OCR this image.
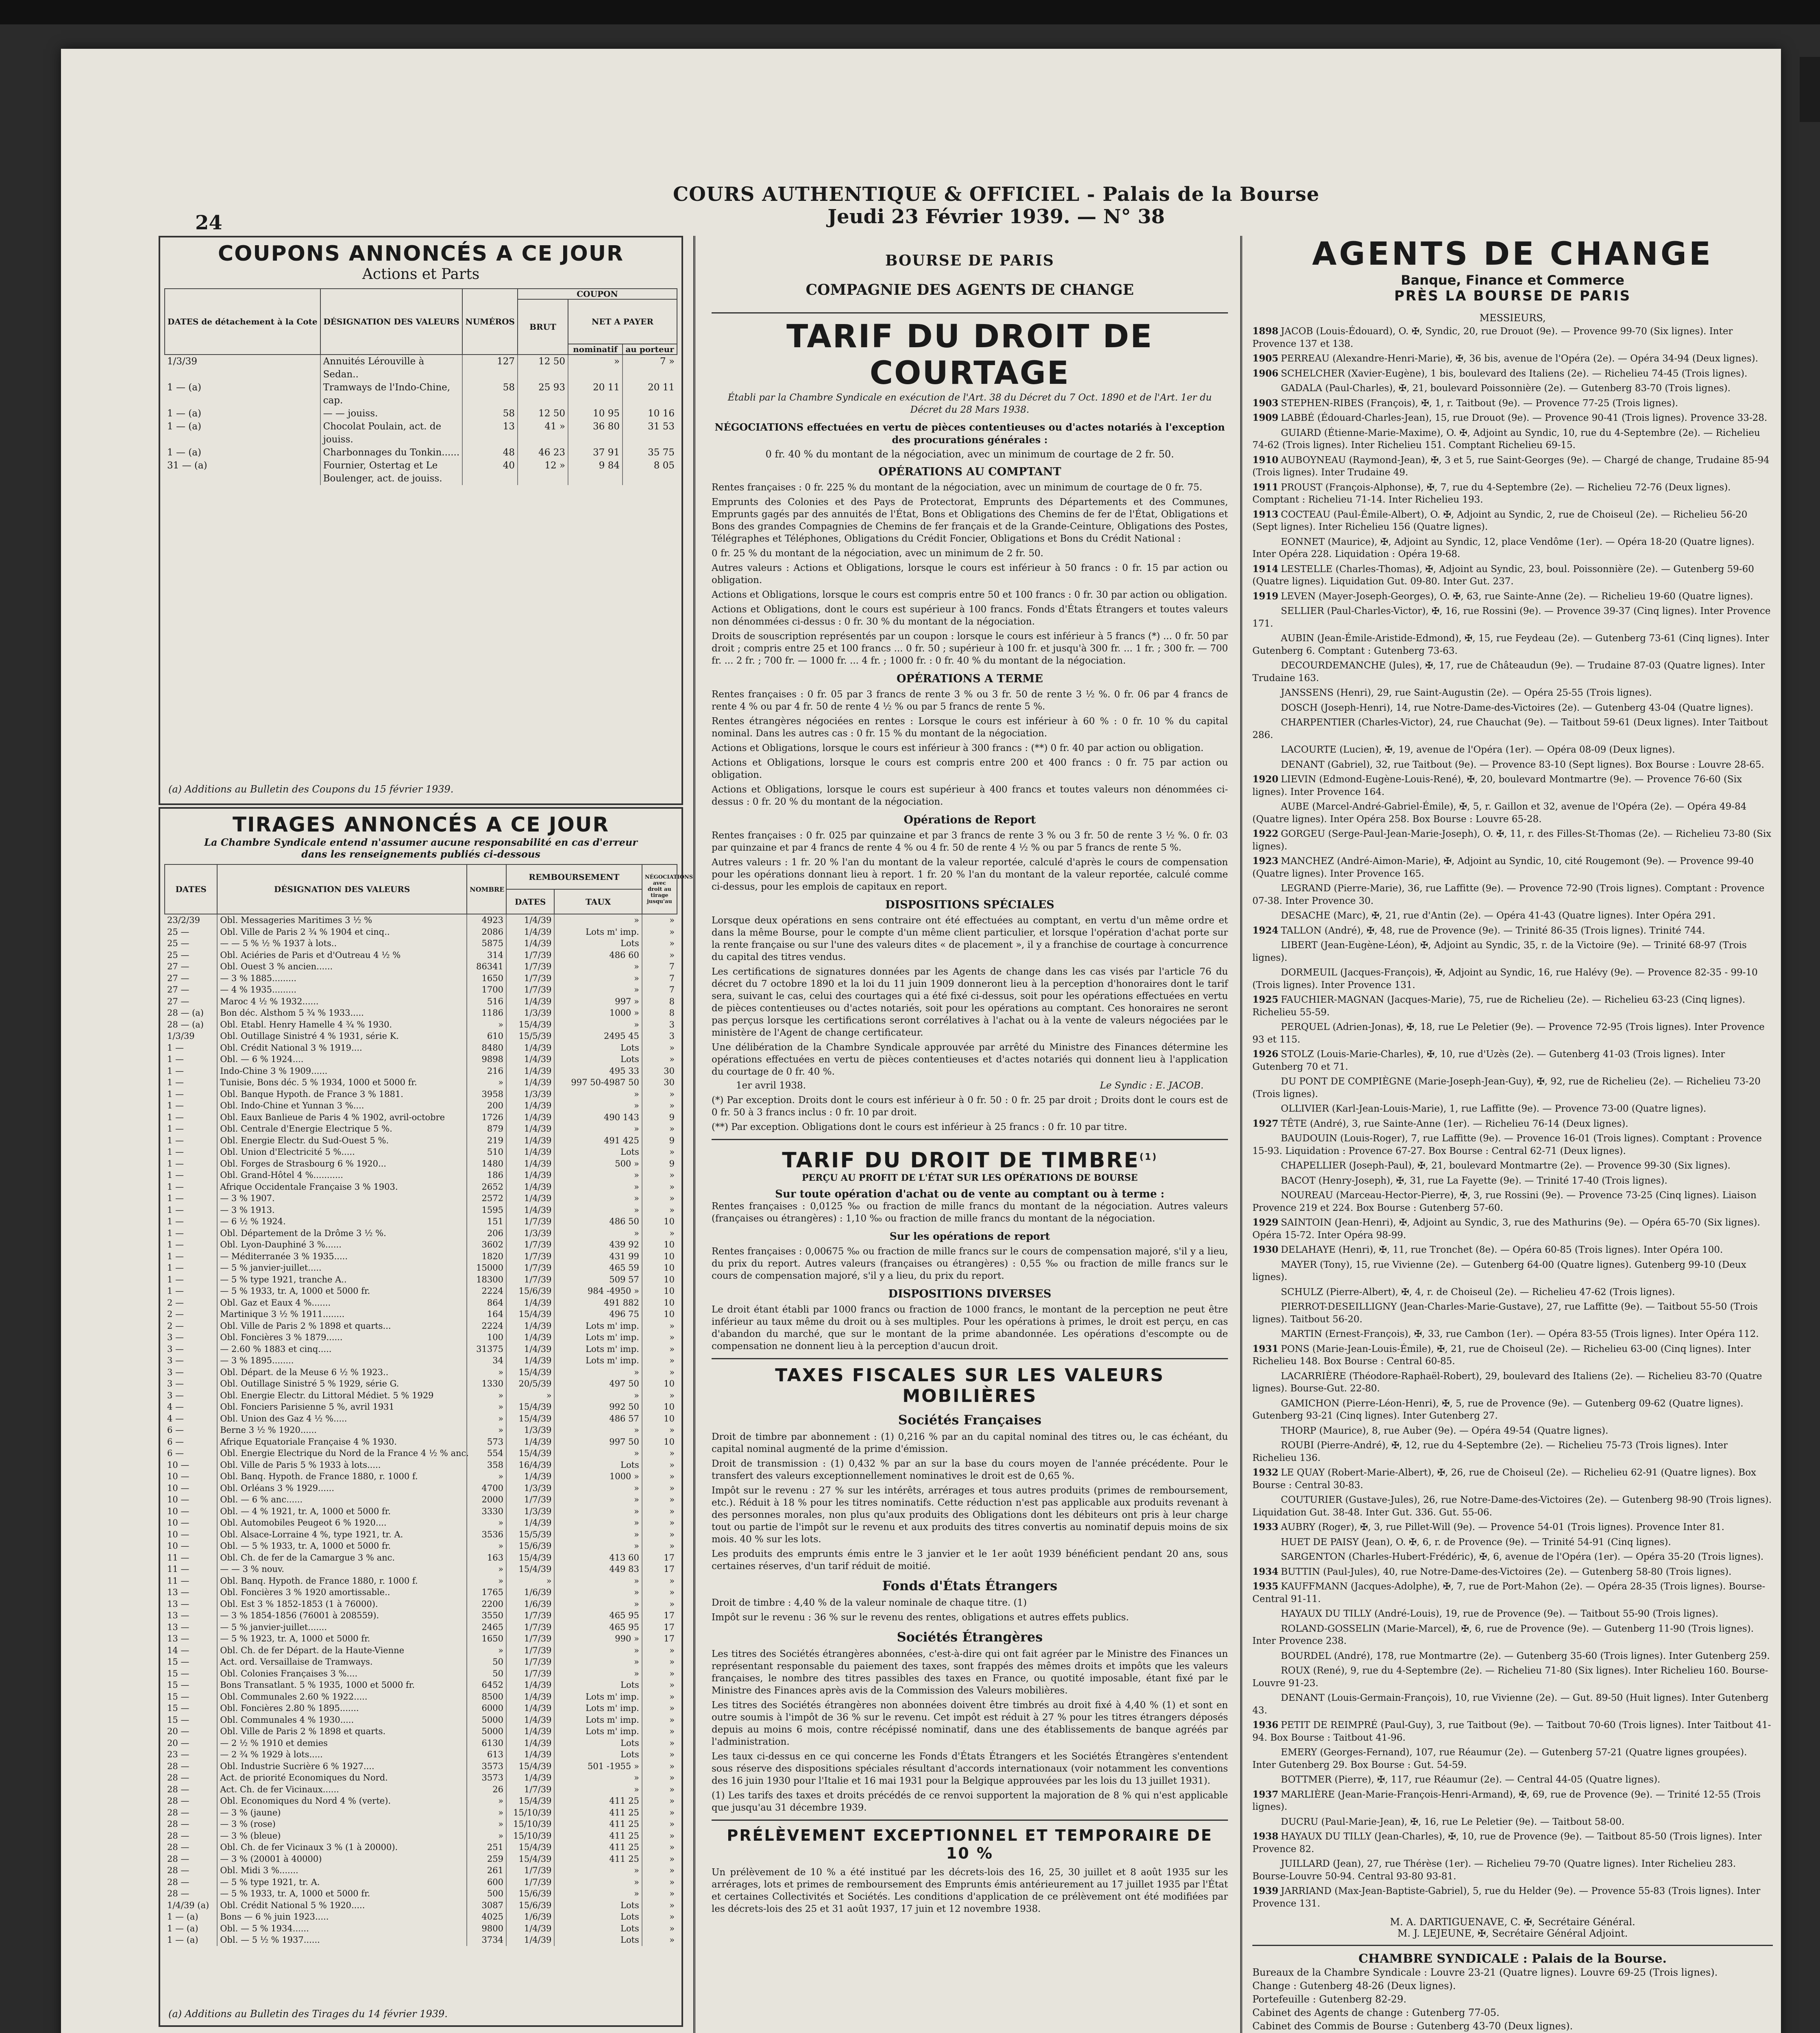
24
COURS AUTHENTIQUE & OFFICIEL - Palais de la Bourse
Jeudi 23 Février 1939. — N° 38
COUPONS ANNONCÉS A CE JOUR
Actions et Parts
DATES de détachement à la Cote	DÉSIGNATION DES VALEURS	NUMÉROS	COUPON		
			BRUT	NET A PAYER	
				nominatif	au porteur
1/3/39	Annuités Lérouville à Sedan..	127	12 50	»	7 »
1 — (a)	Tramways de l'Indo-Chine, cap.	58	25 93	20 11	20 11
1 — (a)	— — jouiss.	58	12 50	10 95	10 16
1 — (a)	Chocolat Poulain, act. de jouiss.	13	41 »	36 80	31 53
1 — (a)	Charbonnages du Tonkin......	48	46 23	37 91	35 75
31 — (a)	Fournier, Ostertag et Le Boulenger, act. de jouiss.	40	12 »	9 84	8 05
(a) Additions au Bulletin des Coupons du 15 février 1939.
TIRAGES ANNONCÉS A CE JOUR
La Chambre Syndicale entend n'assumer aucune responsabilité en cas d'erreur
dans les renseignements publiés ci-dessous
DATES	DÉSIGNATION DES VALEURS	NOMBRE	REMBOURSEMENT		NÉGOCIATIONS avec droit au tirage jusqu'au
			DATES	TAUX	
23/2/39	Obl. Messageries Maritimes 3 ½ %	4923	1/4/39	»	»
25 —	Obl. Ville de Paris 2 ¾ % 1904 et cinq..	2086	1/4/39	Lots m' imp.	»
25 —	— — 5 % ½ % 1937 à lots..	5875	1/4/39	Lots	»
25 —	Obl. Aciéries de Paris et d'Outreau 4 ½ %	314	1/7/39	486 60	»
27 —	Obl. Ouest 3 % ancien......	86341	1/7/39	»	7
27 —	— 3 % 1885.........	1650	1/7/39	»	7
27 —	— 4 % 1935.........	1700	1/7/39	»	7
27 —	Maroc 4 ½ % 1932......	516	1/4/39	997 »	8
28 — (a)	Bon déc. Alsthom 5 ¾ % 1933.....	1186	1/3/39	1000 »	8
28 — (a)	Obl. Etabl. Henry Hamelle 4 ¾ % 1930.	»	15/4/39	»	3
1/3/39	Obl. Outillage Sinistré 4 % 1931, série K.	610	15/5/39	2495 45	3
1 —	Obl. Crédit National 3 % 1919....	8480	1/4/39	Lots	»
1 —	Obl. — 6 % 1924....	9898	1/4/39	Lots	»
1 —	Indo-Chine 3 % 1909......	216	1/4/39	495 33	30
1 —	Tunisie, Bons déc. 5 % 1934, 1000 et 5000 fr.	»	1/4/39	997 50-4987 50	30
1 —	Obl. Banque Hypoth. de France 3 % 1881.	3958	1/3/39	»	»
1 —	Obl. Indo-Chine et Yunnan 3 %....	200	1/4/39	»	»
1 —	Obl. Eaux Banlieue de Paris 4 % 1902, avril-octobre	1726	1/4/39	490 143	9
1 —	Obl. Centrale d'Energie Electrique 5 %.	879	1/4/39	»	»
1 —	Obl. Energie Electr. du Sud-Ouest 5 %.	219	1/4/39	491 425	9
1 —	Obl. Union d'Electricité 5 %.....	510	1/4/39	Lots	»
1 —	Obl. Forges de Strasbourg 6 % 1920...	1480	1/4/39	500 »	9
1 —	Obl. Grand-Hôtel 4 %...........	186	1/4/39	»	»
1 —	Afrique Occidentale Française 3 % 1903.	2652	1/4/39	»	»
1 —	— 3 % 1907.	2572	1/4/39	»	»
1 —	— 3 % 1913.	1595	1/4/39	»	»
1 —	— 6 ½ % 1924.	151	1/7/39	486 50	10
1 —	Obl. Département de la Drôme 3 ½ %.	206	1/3/39	»	»
1 —	Obl. Lyon-Dauphiné 3 %......	3602	1/7/39	439 92	10
1 —	— Méditerranée 3 % 1935.....	1820	1/7/39	431 99	10
1 —	— 5 % janvier-juillet.....	15000	1/7/39	465 59	10
1 —	— 5 % type 1921, tranche A..	18300	1/7/39	509 57	10
1 —	— 5 % 1933, tr. A, 1000 et 5000 fr.	2224	15/6/39	984 -4950 »	10
2 —	Obl. Gaz et Eaux 4 %.......	864	1/4/39	491 882	10
2 —	Martinique 3 ½ % 1911........	164	15/4/39	496 75	10
2 —	Obl. Ville de Paris 2 % 1898 et quarts...	2224	1/4/39	Lots m' imp.	»
3 —	Obl. Foncières 3 % 1879......	100	1/4/39	Lots m' imp.	»
3 —	— 2.60 % 1883 et cinq.....	31375	1/4/39	Lots m' imp.	»
3 —	— 3 % 1895........	34	1/4/39	Lots m' imp.	»
3 —	Obl. Départ. de la Meuse 6 ½ % 1923..	»	15/4/39	»	»
3 —	Obl. Outillage Sinistré 5 % 1929, série G.	1330	20/5/39	497 50	10
3 —	Obl. Energie Electr. du Littoral Médiet. 5 % 1929	»	»	»	»
4 —	Obl. Fonciers Parisienne 5 %, avril 1931	»	15/4/39	992 50	10
4 —	Obl. Union des Gaz 4 ½ %.....	»	15/4/39	486 57	10
6 —	Berne 3 ½ % 1920......	»	1/3/39	»	»
6 —	Afrique Equatoriale Française 4 % 1930.	573	1/4/39	997 50	10
6 —	Obl. Energie Electrique du Nord de la France 4 ½ % anc.	554	15/4/39	»	»
10 —	Obl. Ville de Paris 5 % 1933 à lots.....	358	16/4/39	Lots	»
10 —	Obl. Banq. Hypoth. de France 1880, r. 1000 f.	»	1/4/39	1000 »	»
10 —	Obl. Orléans 3 % 1929......	4700	1/3/39	»	»
10 —	Obl. — 6 % anc......	2000	1/7/39	»	»
10 —	Obl. — 4 % 1921, tr. A, 1000 et 5000 fr.	3330	1/3/39	»	»
10 —	Obl. Automobiles Peugeot 6 % 1920....	»	1/4/39	»	»
10 —	Obl. Alsace-Lorraine 4 %, type 1921, tr. A.	3536	15/5/39	»	»
10 —	Obl. — 5 % 1933, tr. A, 1000 et 5000 fr.	»	15/6/39	»	»
11 —	Obl. Ch. de fer de la Camargue 3 % anc.	163	15/4/39	413 60	17
11 —	— — 3 % nouv.	»	15/4/39	449 83	17
11 —	Obl. Banq. Hypoth. de France 1880, r. 1000 f.	»	»	»	»
13 —	Obl. Foncières 3 % 1920 amortissable..	1765	1/6/39	»	»
13 —	Obl. Est 3 % 1852-1853 (1 à 76000).	2200	1/6/39	»	»
13 —	— 3 % 1854-1856 (76001 à 208559).	3550	1/7/39	465 95	17
13 —	— 5 % janvier-juillet.......	2465	1/7/39	465 95	17
13 —	— 5 % 1923, tr. A, 1000 et 5000 fr.	1650	1/7/39	990 »	17
14 —	Obl. Ch. de fer Départ. de la Haute-Vienne	»	1/7/39	»	»
15 —	Act. ord. Versaillaise de Tramways.	50	1/7/39	»	»
15 —	Obl. Colonies Françaises 3 %....	50	1/7/39	»	»
15 —	Bons Transatlant. 5 % 1935, 1000 et 5000 fr.	6452	1/4/39	Lots	»
15 —	Obl. Communales 2.60 % 1922.....	8500	1/4/39	Lots m' imp.	»
15 —	Obl. Foncières 2.80 % 1895.......	6000	1/4/39	Lots m' imp.	»
15 —	Obl. Communales 4 % 1930.....	5000	1/4/39	Lots m' imp.	»
20 —	Obl. Ville de Paris 2 % 1898 et quarts.	5000	1/4/39	Lots m' imp.	»
20 —	— 2 ½ % 1910 et demies	6130	1/4/39	Lots	»
23 —	— 2 ¾ % 1929 à lots.....	613	1/4/39	Lots	»
28 —	Obl. Industrie Sucrière 6 % 1927....	3573	15/4/39	501 -1955 »	»
28 —	Act. de priorité Economiques du Nord.	3573	1/4/39	»	»
28 —	Act. Ch. de fer Vicinaux......	26	1/7/39	»	»
28 —	Obl. Economiques du Nord 4 % (verte).	»	15/4/39	411 25	»
28 —	— 3 % (jaune)	»	15/10/39	411 25	»
28 —	— 3 % (rose)	»	15/10/39	411 25	»
28 —	— 3 % (bleue)	»	15/10/39	411 25	»
28 —	Obl. Ch. de fer Vicinaux 3 % (1 à 20000).	251	15/4/39	411 25	»
28 —	— 3 % (20001 à 40000)	259	15/4/39	411 25	»
28 —	Obl. Midi 3 %.......	261	1/7/39	»	»
28 —	— 5 % type 1921, tr. A.	600	1/7/39	»	»
28 —	— 5 % 1933, tr. A, 1000 et 5000 fr.	500	15/6/39	»	»
1/4/39 (a)	Obl. Crédit National 5 % 1920.....	3087	15/6/39	Lots	»
1 — (a)	Bons — 6 % juin 1923.....	4025	1/6/39	Lots	»
1 — (a)	Obl. — 5 % 1934......	9800	1/4/39	Lots	»
1 — (a)	Obl. — 5 ½ % 1937......	3734	1/4/39	Lots	»
(a) Additions au Bulletin des Tirages du 14 février 1939.

BOURSE DE PARIS
COMPAGNIE DES AGENTS DE CHANGE
TARIF DU DROIT DE COURTAGE
Établi par la Chambre Syndicale en exécution de l'Art. 38 du Décret du 7 Oct. 1890 et de l'Art. 1er du Décret du 28 Mars 1938.
NÉGOCIATIONS effectuées en vertu de pièces contentieuses ou d'actes notariés à l'exception des procurations générales :
0 fr. 40 % du montant de la négociation, avec un minimum de courtage de 2 fr. 50.
OPÉRATIONS AU COMPTANT

Rentes françaises : 0 fr. 225 % du montant de la négociation, avec un minimum de courtage de 0 fr. 75.

Emprunts des Colonies et des Pays de Protectorat, Emprunts des Départements et des Communes, Emprunts gagés par des annuités de l'État, Bons et Obligations des Chemins de fer de l'État, Obligations et Bons des grandes Compagnies de Chemins de fer français et de la Grande-Ceinture, Obligations des Postes, Télégraphes et Téléphones, Obligations du Crédit Foncier, Obligations et Bons du Crédit National :

0 fr. 25 % du montant de la négociation, avec un minimum de 2 fr. 50.

Autres valeurs : Actions et Obligations, lorsque le cours est inférieur à 50 francs : 0 fr. 15 par action ou obligation.

Actions et Obligations, lorsque le cours est compris entre 50 et 100 francs : 0 fr. 30 par action ou obligation.

Actions et Obligations, dont le cours est supérieur à 100 francs. Fonds d'États Étrangers et toutes valeurs non dénommées ci-dessus : 0 fr. 30 % du montant de la négociation.

Droits de souscription représentés par un coupon : lorsque le cours est inférieur à 5 francs (*) ... 0 fr. 50 par droit ; compris entre 25 et 100 francs ... 0 fr. 50 ; supérieur à 100 fr. et jusqu'à 300 fr. ... 1 fr. ; 300 fr. — 700 fr. ... 2 fr. ; 700 fr. — 1000 fr. ... 4 fr. ; 1000 fr. : 0 fr. 40 % du montant de la négociation.

OPÉRATIONS A TERME

Rentes françaises : 0 fr. 05 par 3 francs de rente 3 % ou 3 fr. 50 de rente 3 ½ %. 0 fr. 06 par 4 francs de rente 4 % ou par 4 fr. 50 de rente 4 ½ % ou par 5 francs de rente 5 %.

Rentes étrangères négociées en rentes : Lorsque le cours est inférieur à 60 % : 0 fr. 10 % du capital nominal. Dans les autres cas : 0 fr. 15 % du montant de la négociation.

Actions et Obligations, lorsque le cours est inférieur à 300 francs : (**) 0 fr. 40 par action ou obligation.

Actions et Obligations, lorsque le cours est compris entre 200 et 400 francs : 0 fr. 75 par action ou obligation.

Actions et Obligations, lorsque le cours est supérieur à 400 francs et toutes valeurs non dénommées ci-dessus : 0 fr. 20 % du montant de la négociation.

Opérations de Report

Rentes françaises : 0 fr. 025 par quinzaine et par 3 francs de rente 3 % ou 3 fr. 50 de rente 3 ½ %. 0 fr. 03 par quinzaine et par 4 francs de rente 4 % ou 4 fr. 50 de rente 4 ½ % ou par 5 francs de rente 5 %.

Autres valeurs : 1 fr. 20 % l'an du montant de la valeur reportée, calculé d'après le cours de compensation pour les opérations donnant lieu à report. 1 fr. 20 % l'an du montant de la valeur reportée, calculé comme ci-dessus, pour les emplois de capitaux en report.

DISPOSITIONS SPÉCIALES

Lorsque deux opérations en sens contraire ont été effectuées au comptant, en vertu d'un même ordre et dans la même Bourse, pour le compte d'un même client particulier, et lorsque l'opération d'achat porte sur la rente française ou sur l'une des valeurs dites « de placement », il y a franchise de courtage à concurrence du capital des titres vendus.

Les certifications de signatures données par les Agents de change dans les cas visés par l'article 76 du décret du 7 octobre 1890 et la loi du 11 juin 1909 donneront lieu à la perception d'honoraires dont le tarif sera, suivant le cas, celui des courtages qui a été fixé ci-dessus, soit pour les opérations effectuées en vertu de pièces contentieuses ou d'actes notariés, soit pour les opérations au comptant. Ces honoraires ne seront pas perçus lorsque les certifications seront corrélatives à l'achat ou à la vente de valeurs négociées par le ministère de l'Agent de change certificateur.

Une délibération de la Chambre Syndicale approuvée par arrêté du Ministre des Finances détermine les opérations effectuées en vertu de pièces contentieuses et d'actes notariés qui donnent lieu à l'application du courtage de 0 fr. 40 %.

1er avril 1938.	Le Syndic : E. JACOB.

(*) Par exception. Droits dont le cours est inférieur à 0 fr. 50 : 0 fr. 25 par droit ; Droits dont le cours est de 0 fr. 50 à 3 francs inclus : 0 fr. 10 par droit.

(**) Par exception. Obligations dont le cours est inférieur à 25 francs : 0 fr. 10 par titre.

TARIF DU DROIT DE TIMBRE$^{(1)}$
PERÇU AU PROFIT DE L'ÉTAT SUR LES OPÉRATIONS DE BOURSE
Sur toute opération d'achat ou de vente au comptant ou à terme :

Rentes françaises : 0,0125 ‰ ou fraction de mille francs du montant de la négociation. Autres valeurs (françaises ou étrangères) : 1,10 ‰ ou fraction de mille francs du montant de la négociation.

Sur les opérations de report

Rentes françaises : 0,00675 ‰ ou fraction de mille francs sur le cours de compensation majoré, s'il y a lieu, du prix du report. Autres valeurs (françaises ou étrangères) : 0,55 ‰ ou fraction de mille francs sur le cours de compensation majoré, s'il y a lieu, du prix du report.

DISPOSITIONS DIVERSES

Le droit étant établi par 1000 francs ou fraction de 1000 francs, le montant de la perception ne peut être inférieur au taux même du droit ou à ses multiples. Pour les opérations à primes, le droit est perçu, en cas d'abandon du marché, que sur le montant de la prime abandonnée. Les opérations d'escompte ou de compensation ne donnent lieu à la perception d'aucun droit.

TAXES FISCALES SUR LES VALEURS MOBILIÈRES
Sociétés Françaises

Droit de timbre par abonnement : (1) 0,216 % par an du capital nominal des titres ou, le cas échéant, du capital nominal augmenté de la prime d'émission.

Droit de transmission : (1) 0,432 % par an sur la base du cours moyen de l'année précédente. Pour le transfert des valeurs exceptionnellement nominatives le droit est de 0,65 %.

Impôt sur le revenu : 27 % sur les intérêts, arrérages et tous autres produits (primes de remboursement, etc.). Réduit à 18 % pour les titres nominatifs. Cette réduction n'est pas applicable aux produits revenant à des personnes morales, non plus qu'aux produits des Obligations dont les débiteurs ont pris à leur charge tout ou partie de l'impôt sur le revenu et aux produits des titres convertis au nominatif depuis moins de six mois. 40 % sur les lots.

Les produits des emprunts émis entre le 3 janvier et le 1er août 1939 bénéficient pendant 20 ans, sous certaines réserves, d'un tarif réduit de moitié.

Fonds d'États Étrangers

Droit de timbre : 4,40 % de la valeur nominale de chaque titre. (1)

Impôt sur le revenu : 36 % sur le revenu des rentes, obligations et autres effets publics.

Sociétés Étrangères

Les titres des Sociétés étrangères abonnées, c'est-à-dire qui ont fait agréer par le Ministre des Finances un représentant responsable du paiement des taxes, sont frappés des mêmes droits et impôts que les valeurs françaises, le nombre des titres passibles des taxes en France, ou quotité imposable, étant fixé par le Ministre des Finances après avis de la Commission des Valeurs mobilières.

Les titres des Sociétés étrangères non abonnées doivent être timbrés au droit fixé à 4,40 % (1) et sont en outre soumis à l'impôt de 36 % sur le revenu. Cet impôt est réduit à 27 % pour les titres étrangers déposés depuis au moins 6 mois, contre récépissé nominatif, dans une des établissements de banque agréés par l'administration.

Les taux ci-dessus en ce qui concerne les Fonds d'États Étrangers et les Sociétés Étrangères s'entendent sous réserve des dispositions spéciales résultant d'accords internationaux (voir notamment les conventions des 16 juin 1930 pour l'Italie et 16 mai 1931 pour la Belgique approuvées par les lois du 13 juillet 1931).

(1) Les tarifs des taxes et droits précédés de ce renvoi supportent la majoration de 8 % qui n'est applicable que jusqu'au 31 décembre 1939.

PRÉLÈVEMENT EXCEPTIONNEL ET TEMPORAIRE DE 10 %

Un prélèvement de 10 % a été institué par les décrets-lois des 16, 25, 30 juillet et 8 août 1935 sur les arrérages, lots et primes de remboursement des Emprunts émis antérieurement au 17 juillet 1935 par l'État et certaines Collectivités et Sociétés. Les conditions d'application de ce prélèvement ont été modifiées par les décrets-lois des 25 et 31 août 1937, 17 juin et 12 novembre 1938.

AGENTS DE CHANGE
Banque, Finance et Commerce
PRÈS LA BOURSE DE PARIS
MESSIEURS,
1898 JACOB (Louis-Édouard), O. ✠, Syndic, 20, rue Drouot (9e). — Provence 99-70 (Six lignes). Inter Provence 137 et 138.
1905 PERREAU (Alexandre-Henri-Marie), ✠, 36 bis, avenue de l'Opéra (2e). — Opéra 34-94 (Deux lignes).
1906 SCHELCHER (Xavier-Eugène), 1 bis, boulevard des Italiens (2e). — Richelieu 74-45 (Trois lignes).
GADALA (Paul-Charles), ✠, 21, boulevard Poissonnière (2e). — Gutenberg 83-70 (Trois lignes).
1903 STEPHEN-RIBES (François), ✠, 1, r. Taitbout (9e). — Provence 77-25 (Trois lignes).
1909 LABBÉ (Édouard-Charles-Jean), 15, rue Drouot (9e). — Provence 90-41 (Trois lignes). Provence 33-28.
GUIARD (Étienne-Marie-Maxime), O. ✠, Adjoint au Syndic, 10, rue du 4-Septembre (2e). — Richelieu 74-62 (Trois lignes). Inter Richelieu 151. Comptant Richelieu 69-15.
1910 AUBOYNEAU (Raymond-Jean), ✠, 3 et 5, rue Saint-Georges (9e). — Chargé de change, Trudaine 85-94 (Trois lignes). Inter Trudaine 49.
1911 PROUST (François-Alphonse), ✠, 7, rue du 4-Septembre (2e). — Richelieu 72-76 (Deux lignes). Comptant : Richelieu 71-14. Inter Richelieu 193.
1913 COCTEAU (Paul-Émile-Albert), O. ✠, Adjoint au Syndic, 2, rue de Choiseul (2e). — Richelieu 56-20 (Sept lignes). Inter Richelieu 156 (Quatre lignes).
EONNET (Maurice), ✠, Adjoint au Syndic, 12, place Vendôme (1er). — Opéra 18-20 (Quatre lignes). Inter Opéra 228. Liquidation : Opéra 19-68.
1914 LESTELLE (Charles-Thomas), ✠, Adjoint au Syndic, 23, boul. Poissonnière (2e). — Gutenberg 59-60 (Quatre lignes). Liquidation Gut. 09-80. Inter Gut. 237.
1919 LEVEN (Mayer-Joseph-Georges), O. ✠, 63, rue Sainte-Anne (2e). — Richelieu 19-60 (Quatre lignes).
SELLIER (Paul-Charles-Victor), ✠, 16, rue Rossini (9e). — Provence 39-37 (Cinq lignes). Inter Provence 171.
AUBIN (Jean-Émile-Aristide-Edmond), ✠, 15, rue Feydeau (2e). — Gutenberg 73-61 (Cinq lignes). Inter Gutenberg 6. Comptant : Gutenberg 73-63.
DECOURDEMANCHE (Jules), ✠, 17, rue de Châteaudun (9e). — Trudaine 87-03 (Quatre lignes). Inter Trudaine 163.
JANSSENS (Henri), 29, rue Saint-Augustin (2e). — Opéra 25-55 (Trois lignes).
DOSCH (Joseph-Henri), 14, rue Notre-Dame-des-Victoires (2e). — Gutenberg 43-04 (Quatre lignes).
CHARPENTIER (Charles-Victor), 24, rue Chauchat (9e). — Taitbout 59-61 (Deux lignes). Inter Taitbout 286.
LACOURTE (Lucien), ✠, 19, avenue de l'Opéra (1er). — Opéra 08-09 (Deux lignes).
DENANT (Gabriel), 32, rue Taitbout (9e). — Provence 83-10 (Sept lignes). Box Bourse : Louvre 28-65.
1920 LIEVIN (Edmond-Eugène-Louis-René), ✠, 20, boulevard Montmartre (9e). — Provence 76-60 (Six lignes). Inter Provence 164.
AUBE (Marcel-André-Gabriel-Émile), ✠, 5, r. Gaillon et 32, avenue de l'Opéra (2e). — Opéra 49-84 (Quatre lignes). Inter Opéra 258. Box Bourse : Louvre 65-28.
1922 GORGEU (Serge-Paul-Jean-Marie-Joseph), O. ✠, 11, r. des Filles-St-Thomas (2e). — Richelieu 73-80 (Six lignes).
1923 MANCHEZ (André-Aimon-Marie), ✠, Adjoint au Syndic, 10, cité Rougemont (9e). — Provence 99-40 (Quatre lignes). Inter Provence 165.
LEGRAND (Pierre-Marie), 36, rue Laffitte (9e). — Provence 72-90 (Trois lignes). Comptant : Provence 07-38. Inter Provence 30.
DESACHE (Marc), ✠, 21, rue d'Antin (2e). — Opéra 41-43 (Quatre lignes). Inter Opéra 291.
1924 TALLON (André), ✠, 48, rue de Provence (9e). — Trinité 86-35 (Trois lignes). Trinité 744.
LIBERT (Jean-Eugène-Léon), ✠, Adjoint au Syndic, 35, r. de la Victoire (9e). — Trinité 68-97 (Trois lignes).
DORMEUIL (Jacques-François), ✠, Adjoint au Syndic, 16, rue Halévy (9e). — Provence 82-35 - 99-10 (Trois lignes). Inter Provence 131.
1925 FAUCHIER-MAGNAN (Jacques-Marie), 75, rue de Richelieu (2e). — Richelieu 63-23 (Cinq lignes). Richelieu 55-59.
PERQUEL (Adrien-Jonas), ✠, 18, rue Le Peletier (9e). — Provence 72-95 (Trois lignes). Inter Provence 93 et 115.
1926 STOLZ (Louis-Marie-Charles), ✠, 10, rue d'Uzès (2e). — Gutenberg 41-03 (Trois lignes). Inter Gutenberg 70 et 71.
DU PONT DE COMPIÈGNE (Marie-Joseph-Jean-Guy), ✠, 92, rue de Richelieu (2e). — Richelieu 73-20 (Trois lignes).
OLLIVIER (Karl-Jean-Louis-Marie), 1, rue Laffitte (9e). — Provence 73-00 (Quatre lignes).
1927 TÊTE (André), 3, rue Sainte-Anne (1er). — Richelieu 76-14 (Deux lignes).
BAUDOUIN (Louis-Roger), 7, rue Laffitte (9e). — Provence 16-01 (Trois lignes). Comptant : Provence 15-93. Liquidation : Provence 67-27. Box Bourse : Central 62-71 (Deux lignes).
CHAPELLIER (Joseph-Paul), ✠, 21, boulevard Montmartre (2e). — Provence 99-30 (Six lignes).
BACOT (Henry-Joseph), ✠, 31, rue La Fayette (9e). — Trinité 17-40 (Trois lignes).
NOUREAU (Marceau-Hector-Pierre), ✠, 3, rue Rossini (9e). — Provence 73-25 (Cinq lignes). Liaison Provence 219 et 224. Box Bourse : Gutenberg 57-60.
1929 SAINTOIN (Jean-Henri), ✠, Adjoint au Syndic, 3, rue des Mathurins (9e). — Opéra 65-70 (Six lignes). Opéra 15-72. Inter Opéra 98-99.
1930 DELAHAYE (Henri), ✠, 11, rue Tronchet (8e). — Opéra 60-85 (Trois lignes). Inter Opéra 100.
MAYER (Tony), 15, rue Vivienne (2e). — Gutenberg 64-00 (Quatre lignes). Gutenberg 99-10 (Deux lignes).
SCHULZ (Pierre-Albert), ✠, 4, r. de Choiseul (2e). — Richelieu 47-62 (Trois lignes).
PIERROT-DESEILLIGNY (Jean-Charles-Marie-Gustave), 27, rue Laffitte (9e). — Taitbout 55-50 (Trois lignes). Taitbout 56-20.
MARTIN (Ernest-François), ✠, 33, rue Cambon (1er). — Opéra 83-55 (Trois lignes). Inter Opéra 112.
1931 PONS (Marie-Jean-Louis-Émile), ✠, 21, rue de Choiseul (2e). — Richelieu 63-00 (Cinq lignes). Inter Richelieu 148. Box Bourse : Central 60-85.
LACARRIÈRE (Théodore-Raphaël-Robert), 29, boulevard des Italiens (2e). — Richelieu 83-70 (Quatre lignes). Bourse-Gut. 22-80.
GAMICHON (Pierre-Léon-Henri), ✠, 5, rue de Provence (9e). — Gutenberg 09-62 (Quatre lignes). Gutenberg 93-21 (Cinq lignes). Inter Gutenberg 27.
THORP (Maurice), 8, rue Auber (9e). — Opéra 49-54 (Quatre lignes).
ROUBI (Pierre-André), ✠, 12, rue du 4-Septembre (2e). — Richelieu 75-73 (Trois lignes). Inter Richelieu 136.
1932 LE QUAY (Robert-Marie-Albert), ✠, 26, rue de Choiseul (2e). — Richelieu 62-91 (Quatre lignes). Box Bourse : Central 30-83.
COUTURIER (Gustave-Jules), 26, rue Notre-Dame-des-Victoires (2e). — Gutenberg 98-90 (Trois lignes). Liquidation Gut. 38-48. Inter Gut. 336. Gut. 55-06.
1933 AUBRY (Roger), ✠, 3, rue Pillet-Will (9e). — Provence 54-01 (Trois lignes). Provence Inter 81.
HUET DE PAISY (Jean), O. ✠, 6, r. de Provence (9e). — Trinité 54-91 (Cinq lignes).
SARGENTON (Charles-Hubert-Frédéric), ✠, 6, avenue de l'Opéra (1er). — Opéra 35-20 (Trois lignes).
1934 BUTTIN (Paul-Jules), 40, rue Notre-Dame-des-Victoires (2e). — Gutenberg 58-80 (Trois lignes).
1935 KAUFFMANN (Jacques-Adolphe), ✠, 7, rue de Port-Mahon (2e). — Opéra 28-35 (Trois lignes). Bourse-Central 91-11.
HAYAUX DU TILLY (André-Louis), 19, rue de Provence (9e). — Taitbout 55-90 (Trois lignes).
ROLAND-GOSSELIN (Marie-Marcel), ✠, 6, rue de Provence (9e). — Gutenberg 11-90 (Trois lignes). Inter Provence 238.
BOURDEL (André), 178, rue Montmartre (2e). — Gutenberg 35-60 (Trois lignes). Inter Gutenberg 259.
ROUX (René), 9, rue du 4-Septembre (2e). — Richelieu 71-80 (Six lignes). Inter Richelieu 160. Bourse-Louvre 91-23.
DENANT (Louis-Germain-François), 10, rue Vivienne (2e). — Gut. 89-50 (Huit lignes). Inter Gutenberg 43.
1936 PETIT DE REIMPRÉ (Paul-Guy), 3, rue Taitbout (9e). — Taitbout 70-60 (Trois lignes). Inter Taitbout 41-94. Box Bourse : Taitbout 41-96.
EMERY (Georges-Fernand), 107, rue Réaumur (2e). — Gutenberg 57-21 (Quatre lignes groupées). Inter Gutenberg 29. Box Bourse : Gut. 54-59.
BOTTMER (Pierre), ✠, 117, rue Réaumur (2e). — Central 44-05 (Quatre lignes).
1937 MARLIÈRE (Jean-Marie-François-Henri-Armand), ✠, 69, rue de Provence (9e). — Trinité 12-55 (Trois lignes).
DUCRU (Paul-Marie-Jean), ✠, 16, rue Le Peletier (9e). — Taitbout 58-00.
1938 HAYAUX DU TILLY (Jean-Charles), ✠, 10, rue de Provence (9e). — Taitbout 85-50 (Trois lignes). Inter Provence 82.
JUILLARD (Jean), 27, rue Thérèse (1er). — Richelieu 79-70 (Quatre lignes). Inter Richelieu 283. Bourse-Louvre 50-94. Central 93-80 93-81.
1939 JARRIAND (Max-Jean-Baptiste-Gabriel), 5, rue du Helder (9e). — Provence 55-83 (Trois lignes). Inter Provence 131.
M. A. DARTIGUENAVE, C. ✠, Secrétaire Général.
M. J. LEJEUNE, ✠, Secrétaire Général Adjoint.
CHAMBRE SYNDICALE : Palais de la Bourse.
Bureaux de la Chambre Syndicale : Louvre 23-21 (Quatre lignes). Louvre 69-25 (Trois lignes).
Change : Gutenberg 48-26 (Deux lignes).
Portefeuille : Gutenberg 82-29.
Cabinet des Agents de change : Gutenberg 77-05.
Cabinet des Commis de Bourse : Gutenberg 43-70 (Deux lignes).
